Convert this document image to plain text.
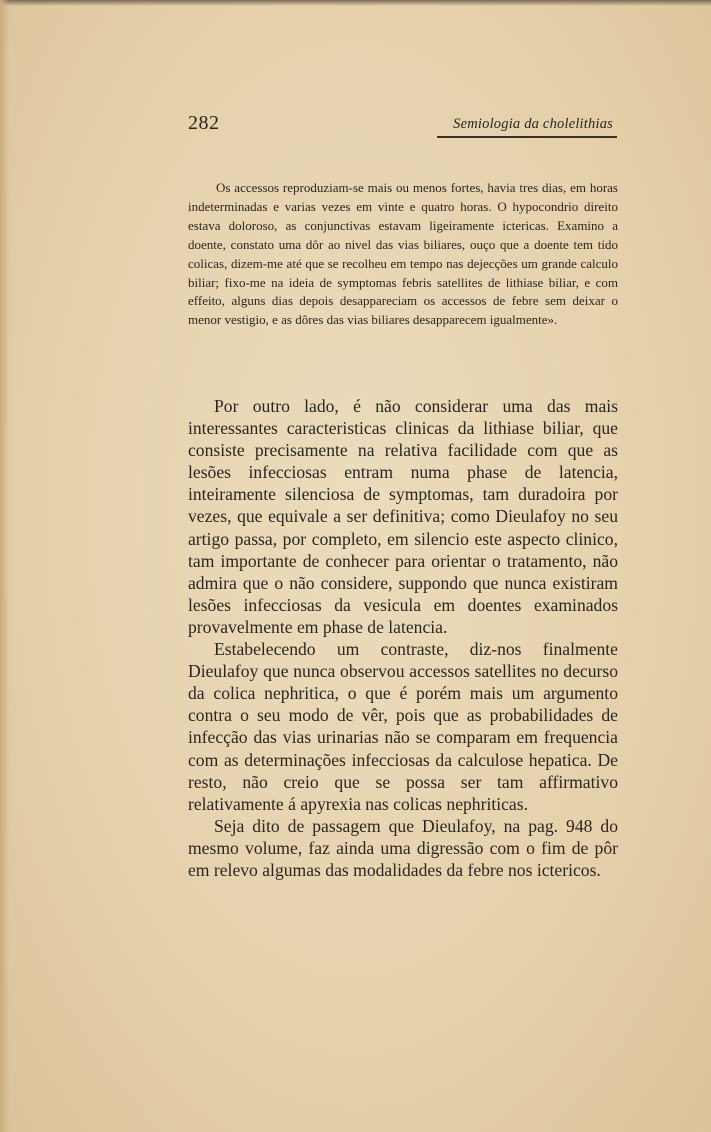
282	Semiologia da cholelithias
Os accessos reproduziam-se mais ou menos fortes, havia tres dias, em horas indeterminadas e varias vezes em vinte e quatro horas. O hypocondrio direito estava doloroso, as conjunctivas estavam ligeiramente ictericas. Examino a doente, constato uma dôr ao nivel das vias biliares, ouço que a doente tem tido colicas, dizem-me até que se recolheu em tempo nas dejecções um grande calculo biliar; fixo-me na ideia de symptomas febris satellites de lithiase biliar, e com effeito, alguns dias depois desappareciam os accessos de febre sem deixar o menor vestigio, e as dôres das vias biliares desapparecem igualmente».

Por outro lado, é não considerar uma das mais interessantes caracteristicas clinicas da lithiase biliar, que consiste precisamente na relativa facilidade com que as lesões infecciosas entram numa phase de latencia, inteiramente silenciosa de symptomas, tam duradoira por vezes, que equivale a ser definitiva; como Dieulafoy no seu artigo passa, por completo, em silencio este aspecto clinico, tam importante de conhecer para orientar o tratamento, não admira que o não considere, suppondo que nunca existiram lesões infecciosas da vesicula em doentes examinados provavelmente em phase de latencia.

Estabelecendo um contraste, diz-nos finalmente Dieulafoy que nunca observou accessos satellites no decurso da colica nephritica, o que é porém mais um argumento contra o seu modo de vêr, pois que as probabilidades de infecção das vias urinarias não se comparam em frequencia com as determinações infecciosas da calculose hepatica. De resto, não creio que se possa ser tam affirmativo relativamente á apyrexia nas colicas nephriticas.

Seja dito de passagem que Dieulafoy, na pag. 948 do mesmo volume, faz ainda uma digressão com o fim de pôr em relevo algumas das modalidades da febre nos ictericos.
